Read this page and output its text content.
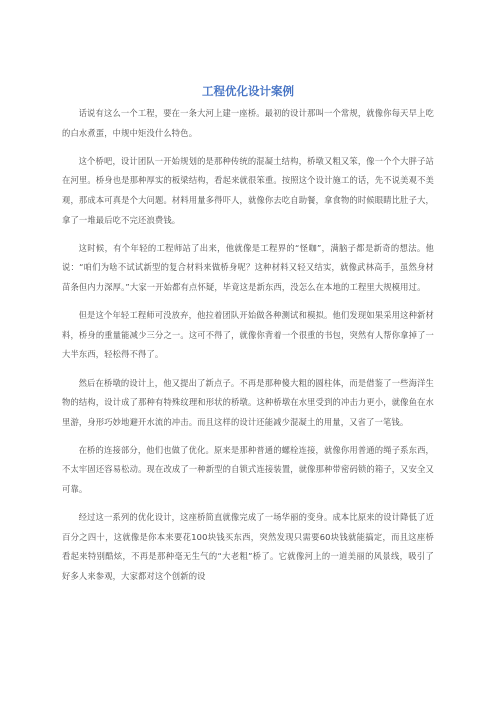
工程优化设计案例

话说有这么一个工程，要在一条大河上建一座桥。最初的设计那叫一个常规，就像你每天早上吃的白水煮蛋，中规中矩没什么特色。

这个桥吧，设计团队一开始规划的是那种传统的混凝土结构，桥墩又粗又笨，像一个个大胖子站在河里。桥身也是那种厚实的板梁结构，看起来就很笨重。按照这个设计施工的话，先不说美观不美观，那成本可真是个大问题。材料用量多得吓人，就像你去吃自助餐，拿食物的时候眼睛比肚子大，拿了一堆最后吃不完还浪费钱。

这时候，有个年轻的工程师站了出来，他就像是工程界的“怪咖”，满脑子都是新奇的想法。他说：“咱们为啥不试试新型的复合材料来做桥身呢？这种材料又轻又结实，就像武林高手，虽然身材苗条但内力深厚。”大家一开始都有点怀疑，毕竟这是新东西，没怎么在本地的工程里大规模用过。

但是这个年轻工程师可没放弃，他拉着团队开始做各种测试和模拟。他们发现如果采用这种新材料，桥身的重量能减少三分之一。这可不得了，就像你背着一个很重的书包，突然有人帮你拿掉了一大半东西，轻松得不得了。

然后在桥墩的设计上，他又提出了新点子。不再是那种傻大粗的圆柱体，而是借鉴了一些海洋生物的结构，设计成了那种有特殊纹理和形状的桥墩。这种桥墩在水里受到的冲击力更小，就像鱼在水里游，身形巧妙地避开水流的冲击。而且这样的设计还能减少混凝土的用量，又省了一笔钱。

在桥的连接部分，他们也做了优化。原来是那种普通的螺栓连接，就像你用普通的绳子系东西，不太牢固还容易松动。现在改成了一种新型的自锁式连接装置，就像那种带密码锁的箱子，又安全又可靠。

经过这一系列的优化设计，这座桥简直就像完成了一场华丽的变身。成本比原来的设计降低了近百分之四十，这就像是你本来要花100块钱买东西，突然发现只需要60块钱就能搞定，而且这座桥看起来特别酷炫，不再是那种毫无生气的“大老粗”桥了。它就像河上的一道美丽的风景线，吸引了好多人来参观，大家都对这个创新的设
